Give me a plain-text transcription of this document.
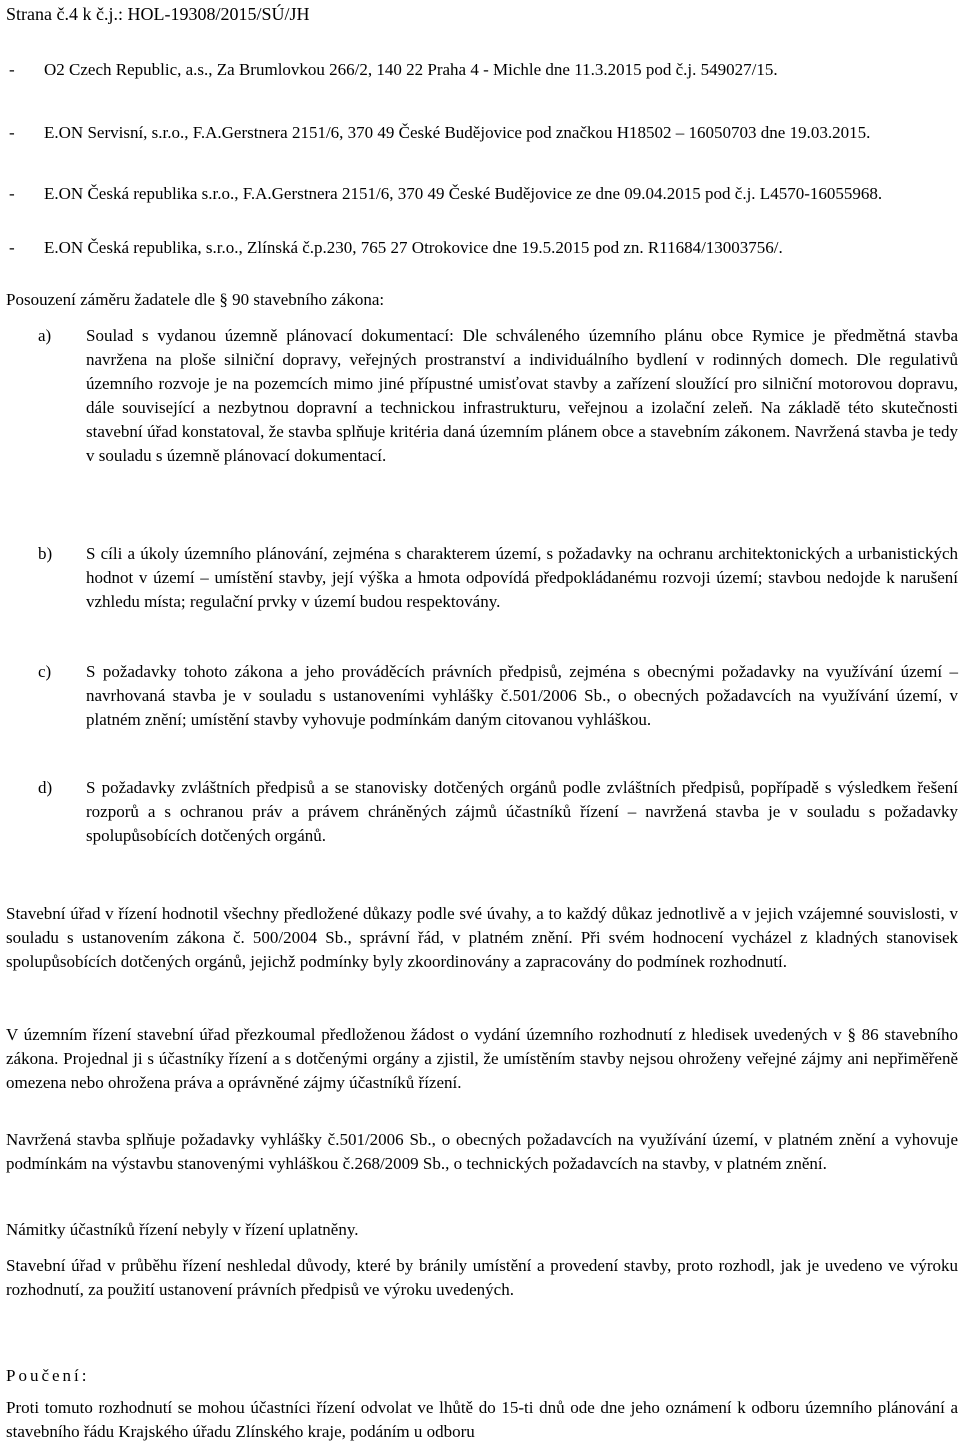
Strana č.4 k č.j.: HOL-19308/2015/SÚ/JH
-	O2 Czech Republic, a.s., Za Brumlovkou 266/2, 140 22 Praha 4 - Michle dne 11.3.2015 pod č.j. 549027/15.
-	E.ON Servisní, s.r.o., F.A.Gerstnera 2151/6, 370 49 České Budějovice pod značkou H18502 – 16050703 dne 19.03.2015.
-	E.ON Česká republika s.r.o., F.A.Gerstnera 2151/6, 370 49 České Budějovice ze dne 09.04.2015 pod č.j. L4570-16055968.
-	E.ON Česká republika, s.r.o., Zlínská č.p.230, 765 27 Otrokovice dne 19.5.2015 pod zn. R11684/13003756/.
Posouzení záměru žadatele dle § 90 stavebního zákona:
a)	Soulad s vydanou územně plánovací dokumentací: Dle schváleného územního plánu obce Rymice je předmětná stavba navržena na ploše silniční dopravy, veřejných prostranství a individuálního bydlení v rodinných domech. Dle regulativů územního rozvoje je na pozemcích mimo jiné přípustné umisťovat stavby a zařízení sloužící pro silniční motorovou dopravu, dále související a nezbytnou dopravní a technickou infrastrukturu, veřejnou a izolační zeleň. Na základě této skutečnosti stavební úřad konstatoval, že stavba splňuje kritéria daná územním plánem obce a stavebním zákonem. Navržená stavba je tedy v souladu s územně plánovací dokumentací.
b)	S cíli a úkoly územního plánování, zejména s charakterem území, s požadavky na ochranu architektonických a urbanistických hodnot v území – umístění stavby, její výška a hmota odpovídá předpokládanému rozvoji území; stavbou nedojde k narušení vzhledu místa; regulační prvky v území budou respektovány.
c)	S požadavky tohoto zákona a jeho prováděcích právních předpisů, zejména s obecnými požadavky na využívání území – navrhovaná stavba je v souladu s ustanoveními vyhlášky č.501/2006 Sb., o obecných požadavcích na využívání území, v platném znění; umístění stavby vyhovuje podmínkám daným citovanou vyhláškou.
d)	S požadavky zvláštních předpisů a se stanovisky dotčených orgánů podle zvláštních předpisů, popřípadě s výsledkem řešení rozporů a s ochranou práv a právem chráněných zájmů účastníků řízení – navržená stavba je v souladu s požadavky spolupůsobících dotčených orgánů.
Stavební úřad v řízení hodnotil všechny předložené důkazy podle své úvahy, a to každý důkaz jednotlivě a v jejich vzájemné souvislosti, v souladu s ustanovením zákona č. 500/2004 Sb., správní řád, v platném znění. Při svém hodnocení vycházel z kladných stanovisek spolupůsobících dotčených orgánů, jejichž podmínky byly zkoordinovány a zapracovány do podmínek rozhodnutí.
V územním řízení stavební úřad přezkoumal předloženou žádost o vydání územního rozhodnutí z hledisek uvedených v § 86 stavebního zákona. Projednal ji s účastníky řízení a s dotčenými orgány a zjistil, že umístěním stavby nejsou ohroženy veřejné zájmy ani nepřiměřeně omezena nebo ohrožena práva a oprávněné zájmy účastníků řízení.
Navržená stavba splňuje požadavky vyhlášky č.501/2006 Sb., o obecných požadavcích na využívání území, v platném znění a vyhovuje podmínkám na výstavbu stanovenými vyhláškou č.268/2009 Sb., o technických požadavcích na stavby, v platném znění.
Námitky účastníků řízení nebyly v řízení uplatněny.
Stavební úřad v průběhu řízení neshledal důvody, které by bránily umístění a provedení stavby, proto rozhodl, jak je uvedeno ve výroku rozhodnutí, za použití ustanovení právních předpisů ve výroku uvedených.
Poučení:
Proti tomuto rozhodnutí se mohou účastníci řízení odvolat ve lhůtě do 15-ti dnů ode dne jeho oznámení k odboru územního plánování a stavebního řádu Krajského úřadu Zlínského kraje, podáním u odboru
